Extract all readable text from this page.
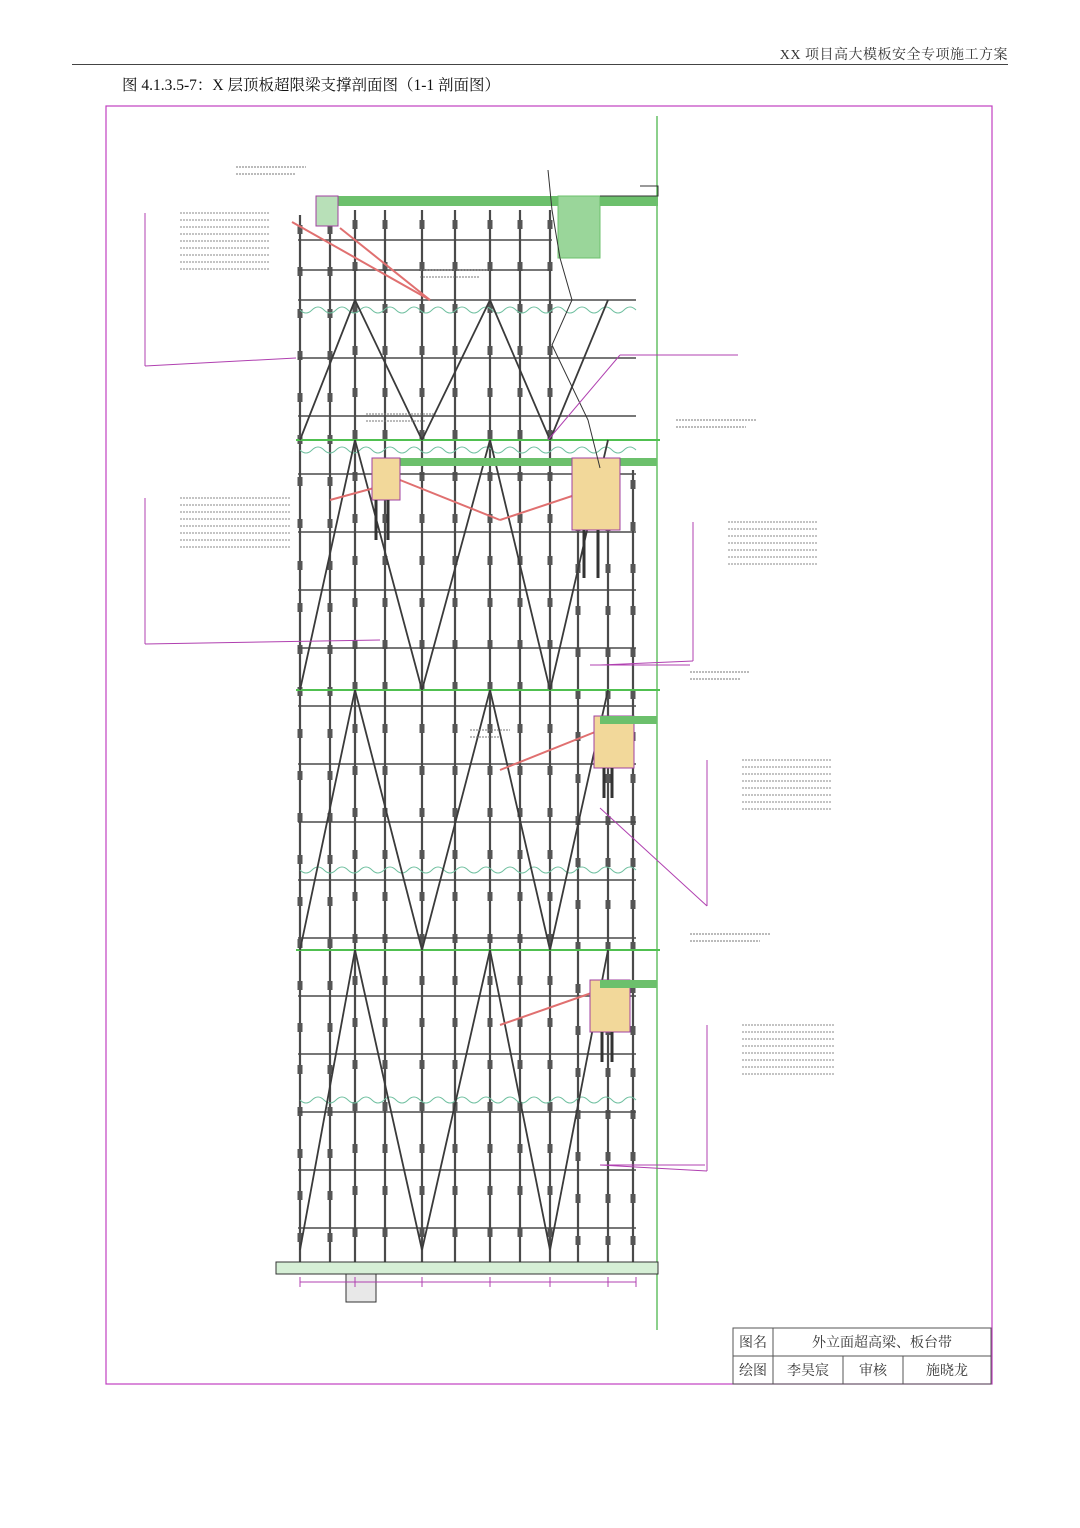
XX 项目高大模板安全专项施工方案
图 4.1.3.5-7：X 层顶板超限梁支撑剖面图（1-1 剖面图）
图名	外立面超高梁、板台带
绘图	李昊宸	审核	施晓龙
